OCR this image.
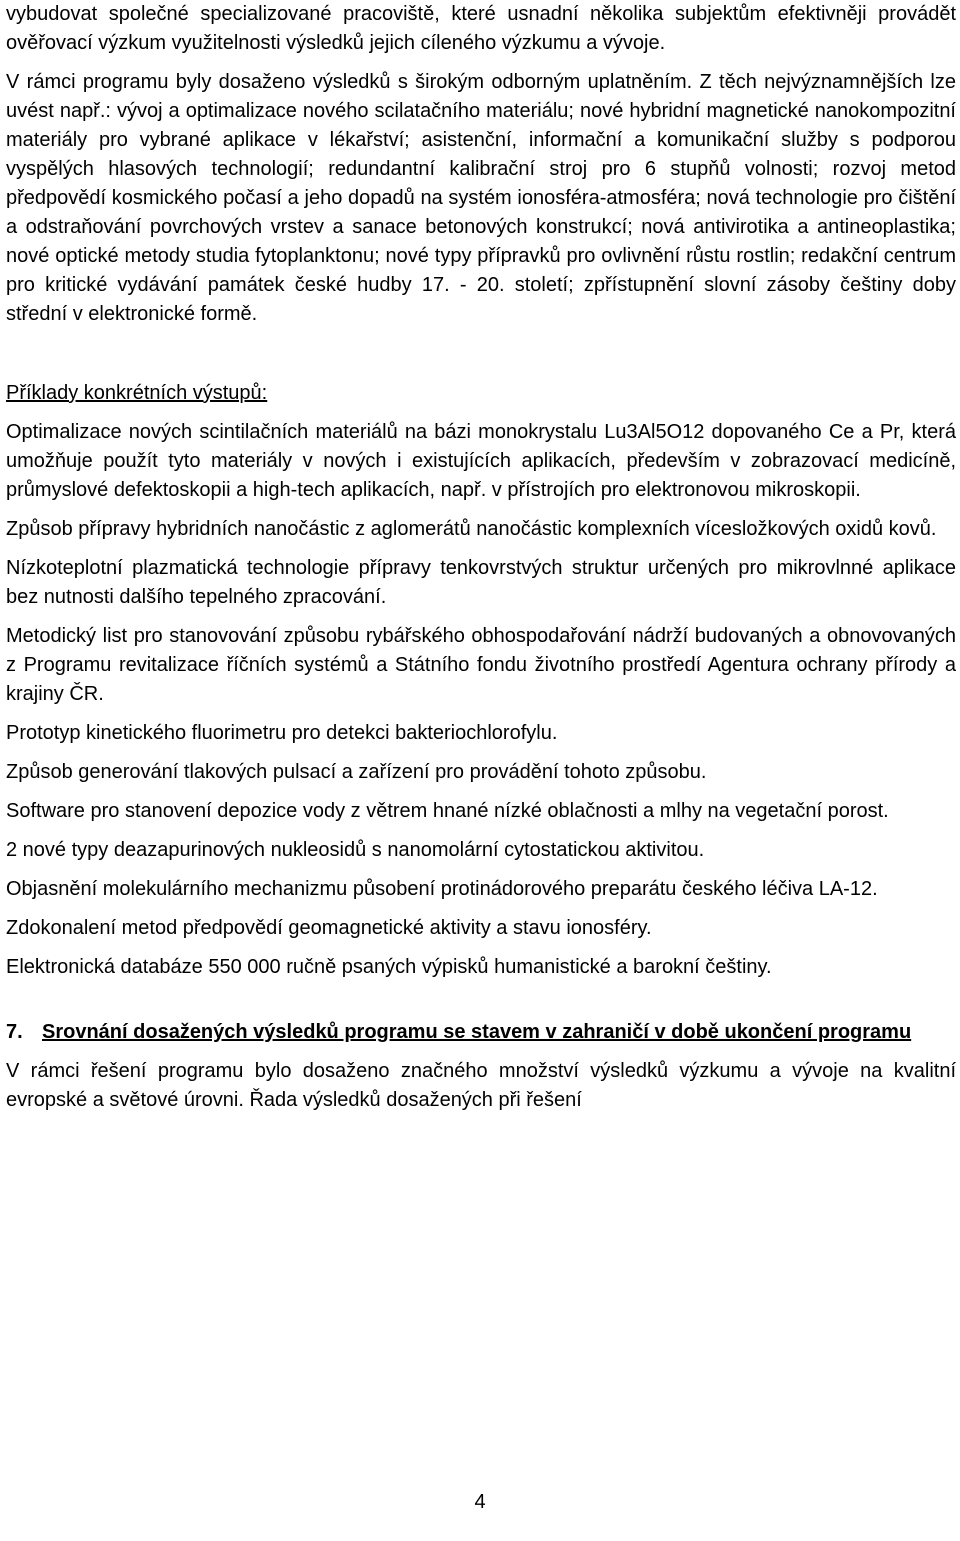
vybudovat společné specializované pracoviště, které usnadní několika subjektům efektivněji provádět ověřovací výzkum využitelnosti výsledků jejich cíleného výzkumu a vývoje.

V rámci programu byly dosaženo výsledků s širokým odborným uplatněním. Z těch nejvýznamnějších lze uvést např.: vývoj a optimalizace nového scilatačního materiálu; nové hybridní magnetické nanokompozitní materiály pro vybrané aplikace v lékařství; asistenční, informační a komunikační služby s podporou vyspělých hlasových technologií; redundantní kalibrační stroj pro 6 stupňů volnosti; rozvoj metod předpovědí kosmického počasí a jeho dopadů na systém ionosféra-atmosféra; nová technologie pro čištění a odstraňování povrchových vrstev a sanace betonových konstrukcí; nová antivirotika a antineoplastika; nové optické metody studia fytoplanktonu; nové typy přípravků pro ovlivnění růstu rostlin; redakční centrum pro kritické vydávání památek české hudby 17. - 20. století; zpřístupnění slovní zásoby češtiny doby střední v elektronické formě.

Příklady konkrétních výstupů:

Optimalizace nových scintilačních materiálů na bázi monokrystalu Lu3Al5O12 dopovaného Ce a Pr, která umožňuje použít tyto materiály v nových i existujících aplikacích, především v zobrazovací medicíně, průmyslové defektoskopii a high-tech aplikacích, např. v přístrojích pro elektronovou mikroskopii.

Způsob přípravy hybridních nanočástic z aglomerátů nanočástic komplexních vícesložkových oxidů kovů.

Nízkoteplotní plazmatická technologie přípravy tenkovrstvých struktur určených pro mikrovlnné aplikace bez nutnosti dalšího tepelného zpracování.

Metodický list pro stanovování způsobu rybářského obhospodařování nádrží budovaných a obnovovaných z Programu revitalizace říčních systémů a Státního fondu životního prostředí Agentura ochrany přírody a krajiny ČR.

Prototyp kinetického fluorimetru pro detekci bakteriochlorofylu.

Způsob generování tlakových pulsací a zařízení pro provádění tohoto způsobu.

Software pro stanovení depozice vody z větrem hnané nízké oblačnosti a mlhy na vegetační porost.

2 nové typy deazapurinových nukleosidů s nanomolární cytostatickou aktivitou.

Objasnění molekulárního mechanizmu působení protinádorového preparátu českého léčiva LA-12.

Zdokonalení metod předpovědí geomagnetické aktivity a stavu ionosféry.

Elektronická databáze 550 000 ručně psaných výpisků humanistické a barokní češtiny.

7. Srovnání dosažených výsledků programu se stavem v zahraničí v době ukončení programu

V rámci řešení programu bylo dosaženo značného množství výsledků výzkumu a vývoje na kvalitní evropské a světové úrovni. Řada výsledků dosažených při řešení

4
